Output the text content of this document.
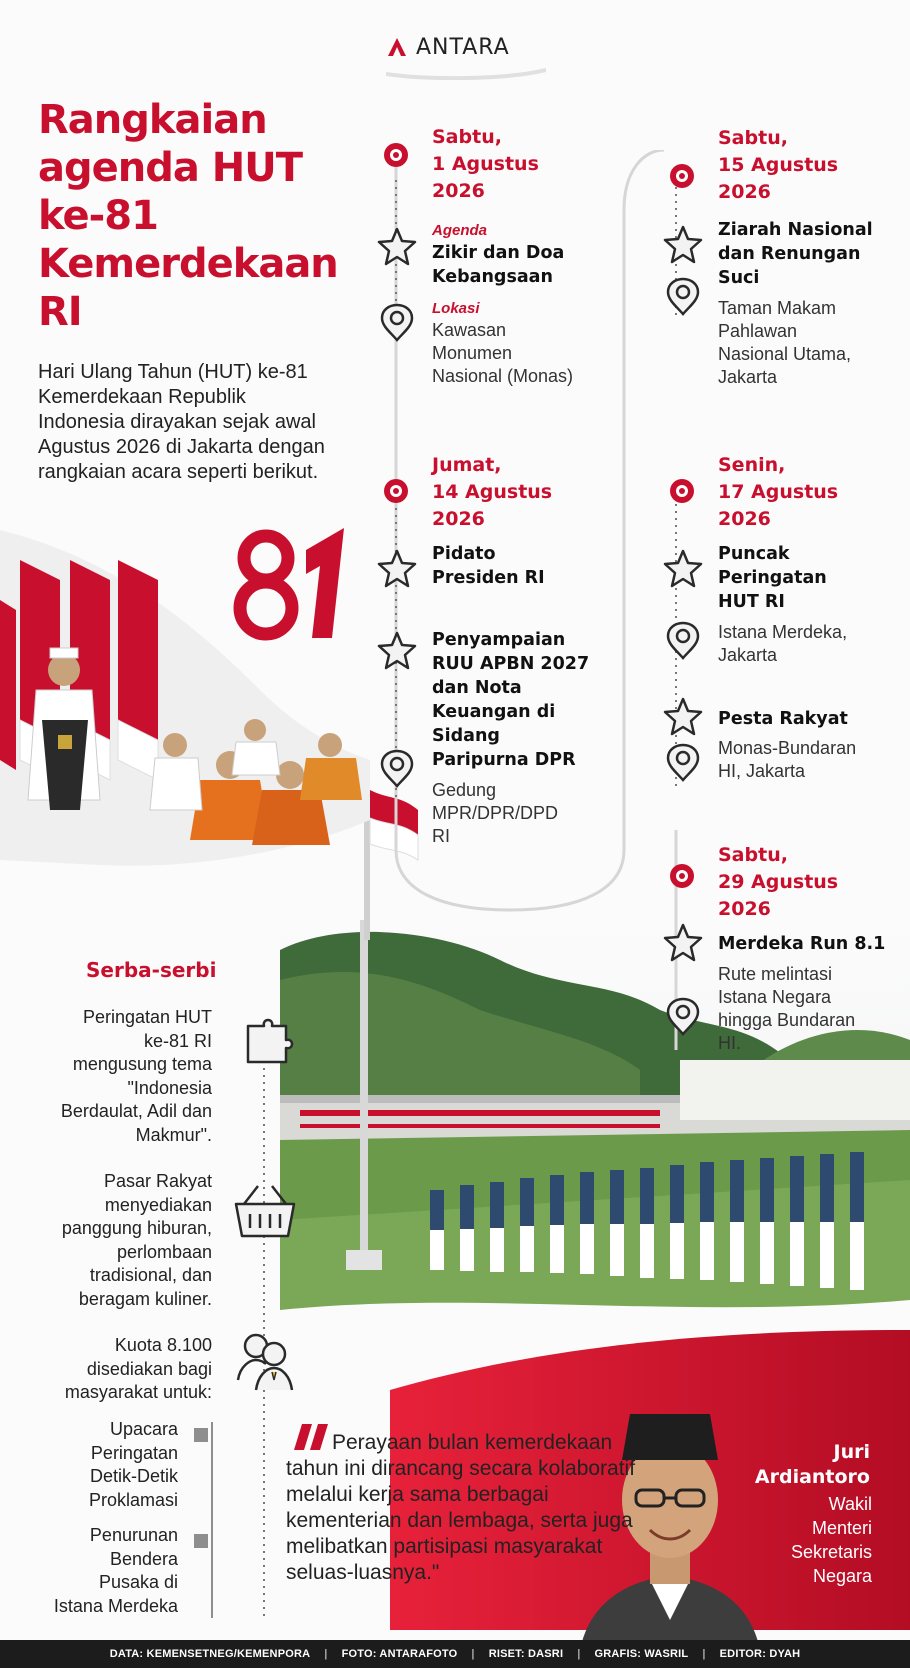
ANTARA
Rangkaian agenda HUT ke-81 Kemerdekaan RI
Hari Ulang Tahun (HUT) ke-81 Kemerdekaan Republik Indonesia dirayakan sejak awal Agustus 2026 di Jakarta dengan rangkaian acara seperti berikut.
Sabtu,
1 Agustus
2026
Agenda
Zikir dan Doa
Kebangsaan
Lokasi
Kawasan
Monumen
Nasional (Monas)
Jumat,
14 Agustus
2026
Pidato
Presiden RI
Penyampaian
RUU APBN 2027
dan Nota
Keuangan di
Sidang
Paripurna DPR
Gedung
MPR/DPR/DPD
RI
Sabtu,
15 Agustus
2026
Ziarah Nasional
dan Renungan
Suci
Taman Makam
Pahlawan
Nasional Utama,
Jakarta
Senin,
17 Agustus
2026
Puncak
Peringatan
HUT RI
Istana Merdeka,
Jakarta
Pesta Rakyat
Monas-Bundaran
HI, Jakarta
Sabtu,
29 Agustus
2026
Merdeka Run 8.1
Rute melintasi
Istana Negara
hingga Bundaran
HI.
Serba-serbi
Peringatan HUT
ke-81 RI
mengusung tema
"Indonesia
Berdaulat, Adil dan
Makmur".
Pasar Rakyat
menyediakan
panggung hiburan,
perlombaan
tradisional, dan
beragam kuliner.
Kuota 8.100
disediakan bagi
masyarakat untuk:
Upacara
Peringatan
Detik-Detik
Proklamasi
Penurunan
Bendera
Pusaka di
Istana Merdeka
Perayaan bulan kemerdekaan tahun ini dirancang secara kolaboratif melalui kerja sama berbagai kementerian dan lembaga, serta juga melibatkan partisipasi masyarakat seluas-luasnya."
Juri
Ardiantoro
Wakil
Menteri
Sekretaris
Negara
DATA: KEMENSETNEG/KEMENPORA | FOTO: ANTARAFOTO | RISET: DASRI | GRAFIS: WASRIL | EDITOR: DYAH
